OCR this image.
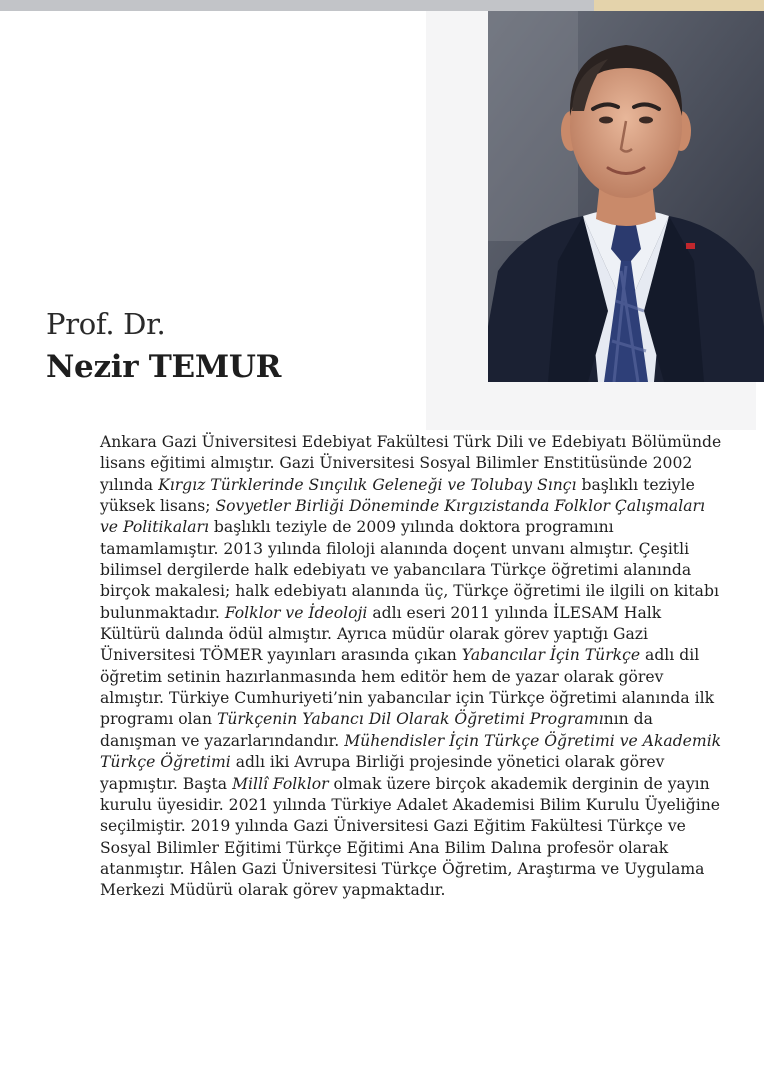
Prof. Dr.
Nezir TEMUR

Ankara Gazi Üniversitesi Edebiyat Fakültesi Türk Dili ve Edebiyatı Bölümünde lisans eğitimi almıştır. Gazi Üniversitesi Sosyal Bilimler Enstitüsünde 2002 yılında Kırgız Türklerinde Sınçılık Geleneği ve Tolubay Sınçı başlıklı teziyle yüksek lisans; Sovyetler Birliği Döneminde Kırgızistanda Folklor Çalışmaları ve Politikaları başlıklı teziyle de 2009 yılında doktora programını tamamlamıştır. 2013 yılında filoloji alanında doçent unvanı almıştır. Çeşitli bilimsel dergilerde halk edebiyatı ve yabancılara Türkçe öğretimi alanında birçok makalesi; halk edebiyatı alanında üç, Türkçe öğretimi ile ilgili on kitabı bulunmaktadır. Folklor ve İdeoloji adlı eseri 2011 yılında İLESAM Halk Kültürü dalında ödül almıştır. Ayrıca müdür olarak görev yaptığı Gazi Üniversitesi TÖMER yayınları arasında çıkan Yabancılar İçin Türkçe adlı dil öğretim setinin hazırlanmasında hem editör hem de yazar olarak görev almıştır. Türkiye Cumhuriyeti’nin yabancılar için Türkçe öğretimi alanında ilk programı olan Türkçenin Yabancı Dil Olarak Öğretimi Programının da danışman ve yazarlarındandır. Mühendisler İçin Türkçe Öğretimi ve Akademik Türkçe Öğretimi adlı iki Avrupa Birliği projesinde yönetici olarak görev yapmıştır. Başta Millî Folklor olmak üzere birçok akademik derginin de yayın kurulu üyesidir. 2021 yılında Türkiye Adalet Akademisi Bilim Kurulu Üyeliğine seçilmiştir. 2019 yılında Gazi Üniversitesi Gazi Eğitim Fakültesi Türkçe ve Sosyal Bilimler Eğitimi Türkçe Eğitimi Ana Bilim Dalına profesör olarak atanmıştır. Hâlen Gazi Üniversitesi Türkçe Öğretim, Araştırma ve Uygulama Merkezi Müdürü olarak görev yapmaktadır.
